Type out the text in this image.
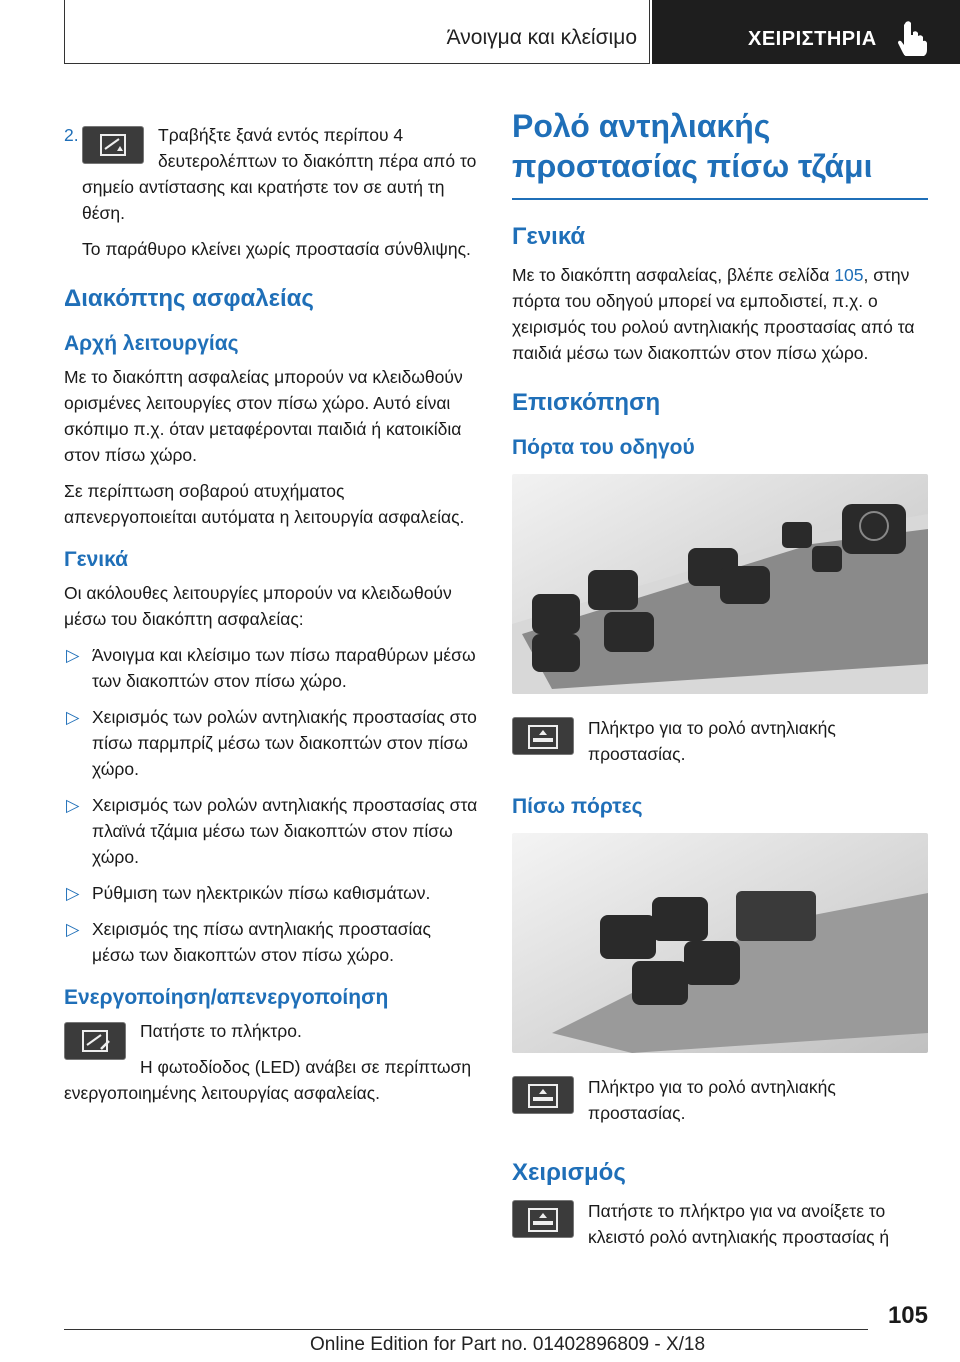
Άνοιγμα και κλείσιμο	ΧΕΙΡΙΣΤΗΡΙΑ
2.	Τραβήξτε ξανά εντός περίπου 4 δευτερολέπτων το διακόπτη πέρα από το σημείο αντίστασης και κρατήστε τον σε αυτή τη θέση.

Το παράθυρο κλείνει χωρίς προστασία σύνθλιψης.

Διακόπτης ασφαλείας
Αρχή λειτουργίας

Με το διακόπτη ασφαλείας μπορούν να κλειδωθούν ορισμένες λειτουργίες στον πίσω χώρο. Αυτό είναι σκόπιμο π.χ. όταν μεταφέρονται παιδιά ή κατοικίδια στον πίσω χώρο.

Σε περίπτωση σοβαρού ατυχήματος απενεργοποιείται αυτόματα η λειτουργία ασφαλείας.

Γενικά

Οι ακόλουθες λειτουργίες μπορούν να κλειδωθούν μέσω του διακόπτη ασφαλείας:

▷ Άνοιγμα και κλείσιμο των πίσω παραθύρων μέσω των διακοπτών στον πίσω χώρο.
▷ Χειρισμός των ρολών αντηλιακής προστασίας στο πίσω παρμπρίζ μέσω των διακοπτών στον πίσω χώρο.
▷ Χειρισμός των ρολών αντηλιακής προστασίας στα πλαϊνά τζάμια μέσω των διακοπτών στον πίσω χώρο.
▷ Ρύθμιση των ηλεκτρικών πίσω καθισμάτων.
▷ Χειρισμός της πίσω αντηλιακής προστασίας μέσω των διακοπτών στον πίσω χώρο.
Ενεργοποίηση/απενεργοποίηση

Πατήστε το πλήκτρο.

Η φωτοδίοδος (LED) ανάβει σε περίπτωση ενεργοποιημένης λειτουργίας ασφαλείας.

Ρολό αντηλιακής προστασίας πίσω τζάμι
Γενικά

Με το διακόπτη ασφαλείας, βλέπε σελίδα 105, στην πόρτα του οδηγού μπορεί να εμποδιστεί, π.χ. ο χειρισμός του ρολού αντηλιακής προστασίας από τα παιδιά μέσω των διακοπτών στον πίσω χώρο.

Επισκόπηση
Πόρτα του οδηγού

Πλήκτρο για το ρολό αντηλιακής προστασίας.

Πίσω πόρτες

Πλήκτρο για το ρολό αντηλιακής προστασίας.

Χειρισμός

Πατήστε το πλήκτρο για να ανοίξετε το κλειστό ρολό αντηλιακής προστασίας ή

105
Online Edition for Part no. 01402896809 - X/18
